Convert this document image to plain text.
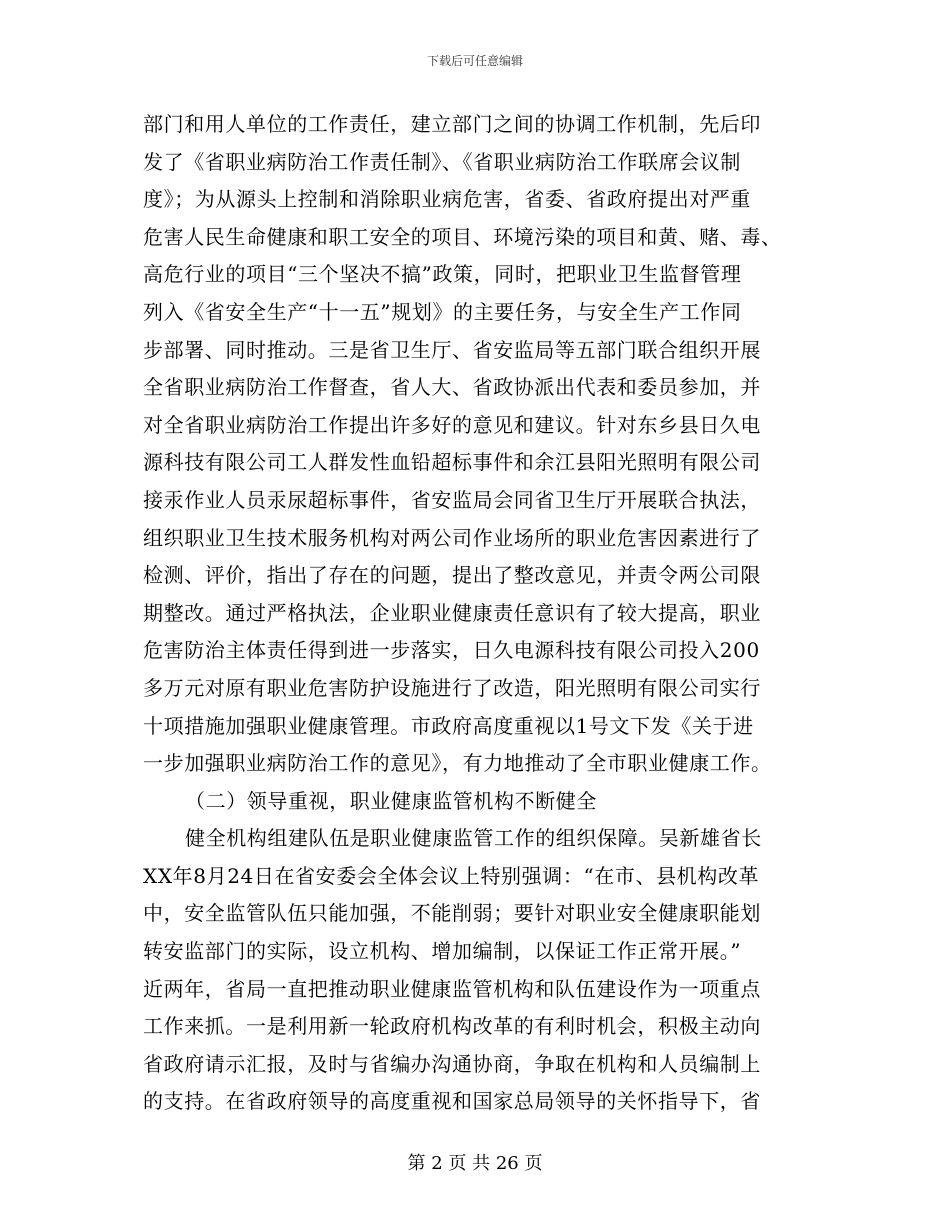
下载后可任意编辑
部门和用人单位的工作责任，建立部门之间的协调工作机制，先后印
发了《省职业病防治工作责任制》、《省职业病防治工作联席会议制
度》；为从源头上控制和消除职业病危害，省委、省政府提出对严重
危害人民生命健康和职工安全的项目、环境污染的项目和黄、赌、毒、
高危行业的项目“三个坚决不搞”政策，同时，把职业卫生监督管理
列入《省安全生产“十一五”规划》的主要任务，与安全生产工作同
步部署、同时推动。三是省卫生厅、省安监局等五部门联合组织开展
全省职业病防治工作督查，省人大、省政协派出代表和委员参加，并
对全省职业病防治工作提出许多好的意见和建议。针对东乡县日久电
源科技有限公司工人群发性血铅超标事件和余江县阳光照明有限公司
接汞作业人员汞尿超标事件，省安监局会同省卫生厅开展联合执法，
组织职业卫生技术服务机构对两公司作业场所的职业危害因素进行了
检测、评价，指出了存在的问题，提出了整改意见，并责令两公司限
期整改。通过严格执法，企业职业健康责任意识有了较大提高，职业
危害防治主体责任得到进一步落实，日久电源科技有限公司投入200
多万元对原有职业危害防护设施进行了改造，阳光照明有限公司实行
十项措施加强职业健康管理。市政府高度重视以1号文下发《关于进
一步加强职业病防治工作的意见》，有力地推动了全市职业健康工作。
（二）领导重视，职业健康监管机构不断健全
健全机构组建队伍是职业健康监管工作的组织保障。吴新雄省长
XX年8月24日在省安委会全体会议上特别强调：“在市、县机构改革
中，安全监管队伍只能加强，不能削弱；要针对职业安全健康职能划
转安监部门的实际，设立机构、增加编制，以保证工作正常开展。”
近两年，省局一直把推动职业健康监管机构和队伍建设作为一项重点
工作来抓。一是利用新一轮政府机构改革的有利时机会，积极主动向
省政府请示汇报，及时与省编办沟通协商，争取在机构和人员编制上
的支持。在省政府领导的高度重视和国家总局领导的关怀指导下，省
第 2 页 共 26 页
